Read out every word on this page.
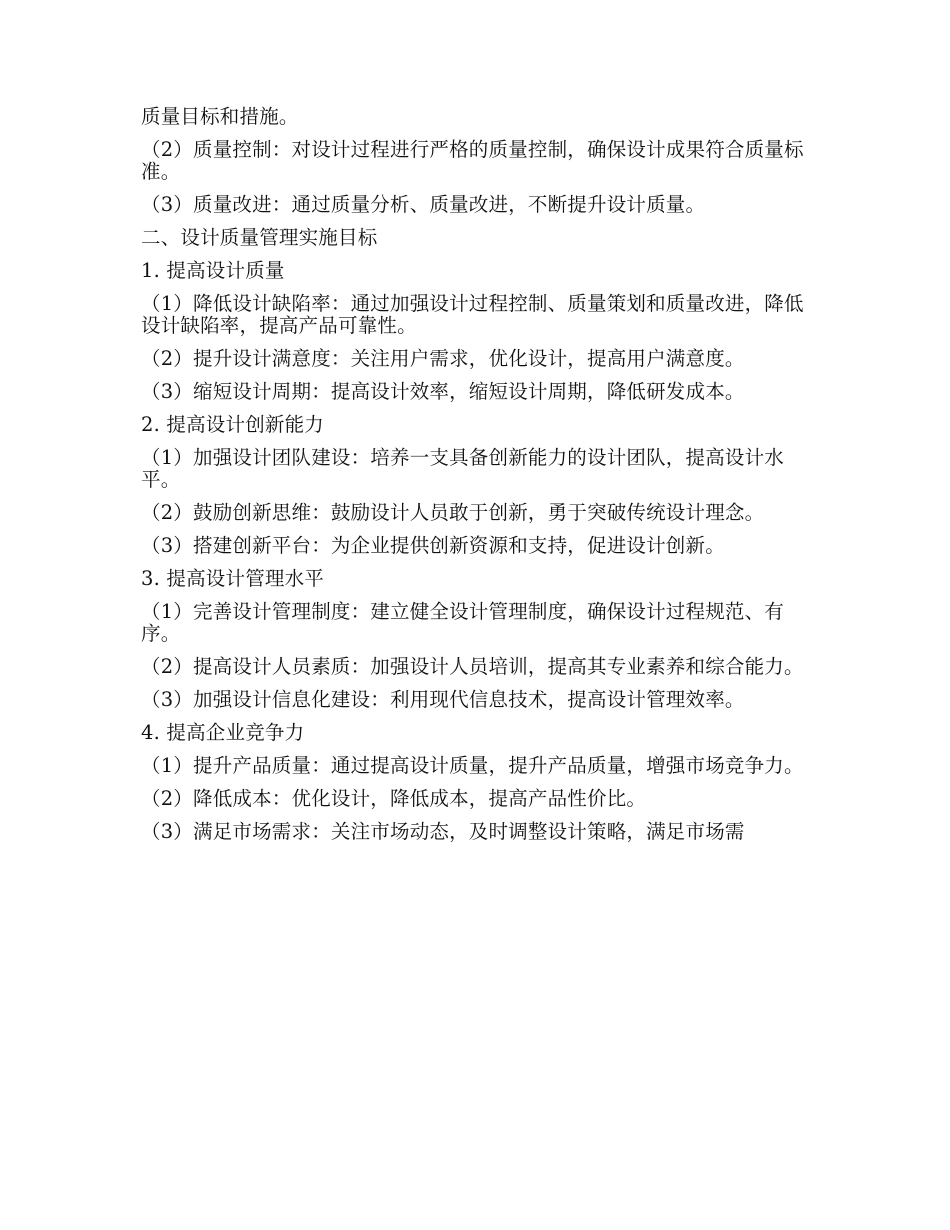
质量目标和措施。

（2）质量控制：对设计过程进行严格的质量控制，确保设计成果符合质量标准。

（3）质量改进：通过质量分析、质量改进，不断提升设计质量。

二、设计质量管理实施目标

1. 提高设计质量

（1）降低设计缺陷率：通过加强设计过程控制、质量策划和质量改进，降低设计缺陷率，提高产品可靠性。

（2）提升设计满意度：关注用户需求，优化设计，提高用户满意度。

（3）缩短设计周期：提高设计效率，缩短设计周期，降低研发成本。

2. 提高设计创新能力

（1）加强设计团队建设：培养一支具备创新能力的设计团队，提高设计水平。

（2）鼓励创新思维：鼓励设计人员敢于创新，勇于突破传统设计理念。

（3）搭建创新平台：为企业提供创新资源和支持，促进设计创新。

3. 提高设计管理水平

（1）完善设计管理制度：建立健全设计管理制度，确保设计过程规范、有序。

（2）提高设计人员素质：加强设计人员培训，提高其专业素养和综合能力。

（3）加强设计信息化建设：利用现代信息技术，提高设计管理效率。

4. 提高企业竞争力

（1）提升产品质量：通过提高设计质量，提升产品质量，增强市场竞争力。

（2）降低成本：优化设计，降低成本，提高产品性价比。

（3）满足市场需求：关注市场动态，及时调整设计策略，满足市场需
